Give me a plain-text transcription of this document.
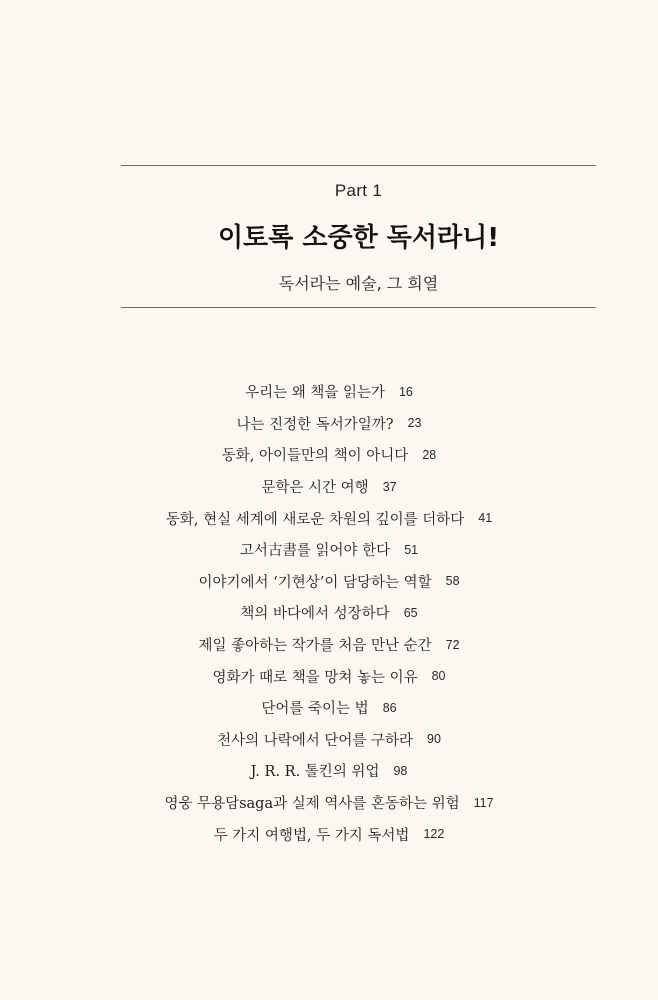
Part 1
이토록 소중한 독서라니!
독서라는 예술, 그 희열
우리는 왜 책을 읽는가 16
나는 진정한 독서가일까? 23
동화, 아이들만의 책이 아니다 28
문학은 시간 여행 37
동화, 현실 세계에 새로운 차원의 깊이를 더하다 41
고서古書를 읽어야 한다 51
이야기에서 ‘기현상’이 담당하는 역할 58
책의 바다에서 성장하다 65
제일 좋아하는 작가를 처음 만난 순간 72
영화가 때로 책을 망쳐 놓는 이유 80
단어를 죽이는 법 86
천사의 나락에서 단어를 구하라 90
J. R. R. 톨킨의 위업 98
영웅 무용담saga과 실제 역사를 혼동하는 위험 117
두 가지 여행법, 두 가지 독서법 122
